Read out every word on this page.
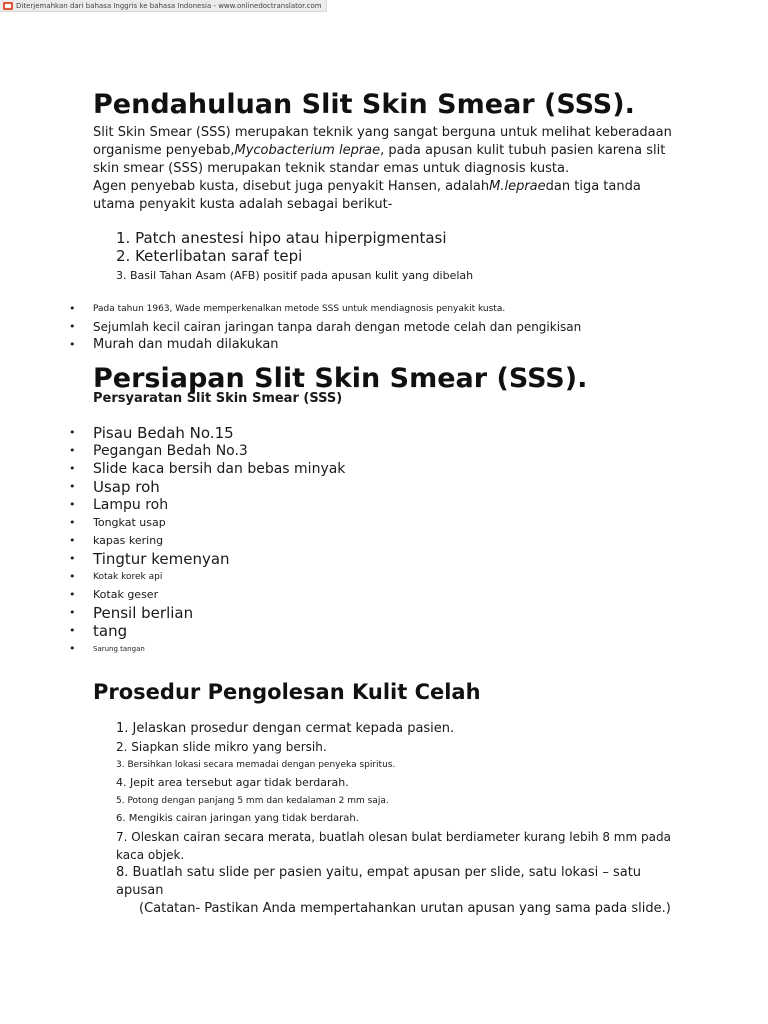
Diterjemahkan dari bahasa Inggris ke bahasa Indonesia - www.onlinedoctranslator.com
Pendahuluan Slit Skin Smear (SSS).

Slit Skin Smear (SSS) merupakan teknik yang sangat berguna untuk melihat keberadaan organisme penyebab,Mycobacterium leprae, pada apusan kulit tubuh pasien karena slit skin smear (SSS) merupakan teknik standar emas untuk diagnosis kusta.

Agen penyebab kusta, disebut juga penyakit Hansen, adalahM.lepraedan tiga tanda utama penyakit kusta adalah sebagai berikut-

1. Patch anestesi hipo atau hiperpigmentasi
2. Keterlibatan saraf tepi
3. Basil Tahan Asam (AFB) positif pada apusan kulit yang dibelah
• Pada tahun 1963, Wade memperkenalkan metode SSS untuk mendiagnosis penyakit kusta.
• Sejumlah kecil cairan jaringan tanpa darah dengan metode celah dan pengikisan
• Murah dan mudah dilakukan
Persiapan Slit Skin Smear (SSS).

Persyaratan Slit Skin Smear (SSS)

• Pisau Bedah No.15
• Pegangan Bedah No.3
• Slide kaca bersih dan bebas minyak
• Usap roh
• Lampu roh
• Tongkat usap
• kapas kering
• Tingtur kemenyan
• Kotak korek api
• Kotak geser
• Pensil berlian
• tang
• Sarung tangan
Prosedur Pengolesan Kulit Celah
1. Jelaskan prosedur dengan cermat kepada pasien.
2. Siapkan slide mikro yang bersih.
3. Bersihkan lokasi secara memadai dengan penyeka spiritus.
4. Jepit area tersebut agar tidak berdarah.
5. Potong dengan panjang 5 mm dan kedalaman 2 mm saja.
6. Mengikis cairan jaringan yang tidak berdarah.
7. Oleskan cairan secara merata, buatlah olesan bulat berdiameter kurang lebih 8 mm pada kaca objek.
8. Buatlah satu slide per pasien yaitu, empat apusan per slide, satu lokasi – satu apusan

(Catatan- Pastikan Anda mempertahankan urutan apusan yang sama pada slide.)
